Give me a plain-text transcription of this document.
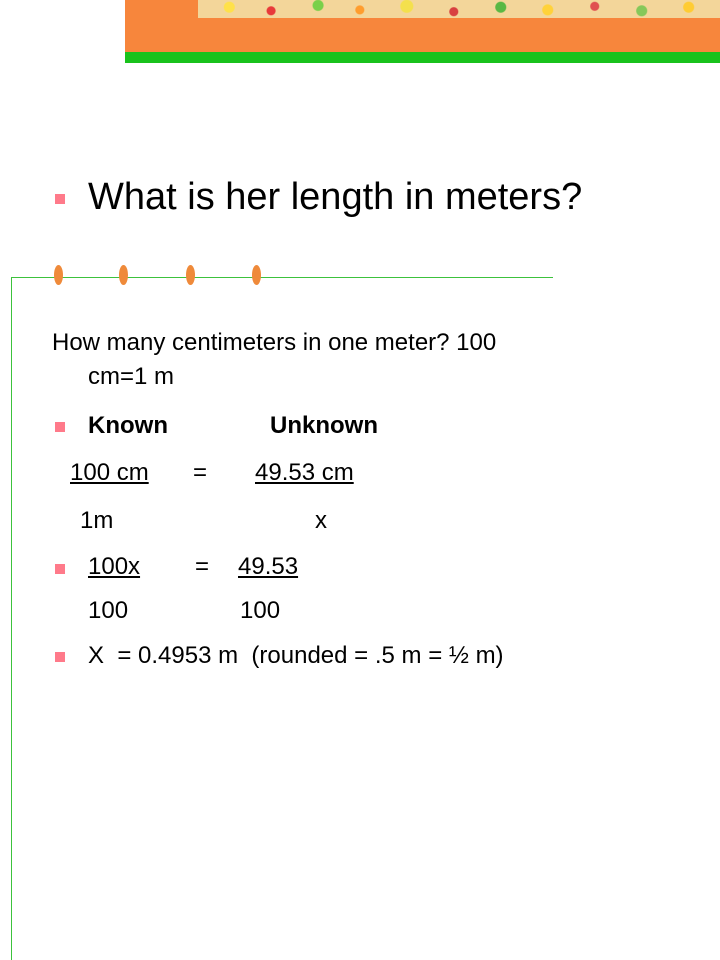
What is her length in meters?
How many centimeters in one meter? 100
cm=1 m
Known	Unknown
100 cm = 49.53 cm
1m	x
100x = 49.53
100	100
X  = 0.4953 m  (rounded = .5 m = ½ m)
